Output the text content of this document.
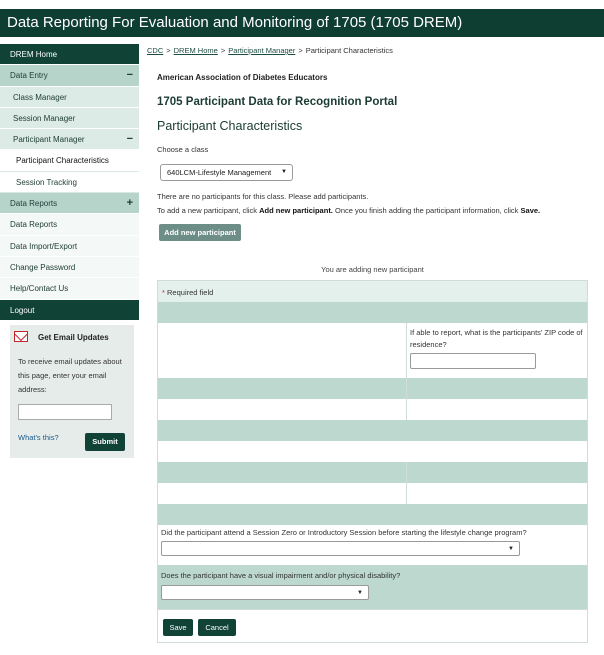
Data Reporting For Evaluation and Monitoring of 1705 (1705 DREM)
DREM Home
Data Entry	−
Class Manager
Session Manager
Participant Manager	−
Participant Characteristics
Session Tracking
Data Reports	+
Data Reports
Data Import/Export
Change Password
Help/Contact Us
Logout
Get Email Updates
To receive email updates about this page, enter your email address:
What's this?	Submit
CDC > DREM Home > Participant Manager > Participant Characteristics
American Association of Diabetes Educators
1705 Participant Data for Recognition Portal
Participant Characteristics
Choose a class
640LCM-Lifestyle Management ▼
There are no participants for this class. Please add participants.
To add a new participant, click Add new participant. Once you finish adding the participant information, click Save.
Add new participant
You are adding new participant
* Required field
If able to report, what is the participants' ZIP code of residence?
Did the participant attend a Session Zero or Introductory Session before starting the lifestyle change program?
▼
Does the participant have a visual impairment and/or physical disability?
▼
Save	Cancel
